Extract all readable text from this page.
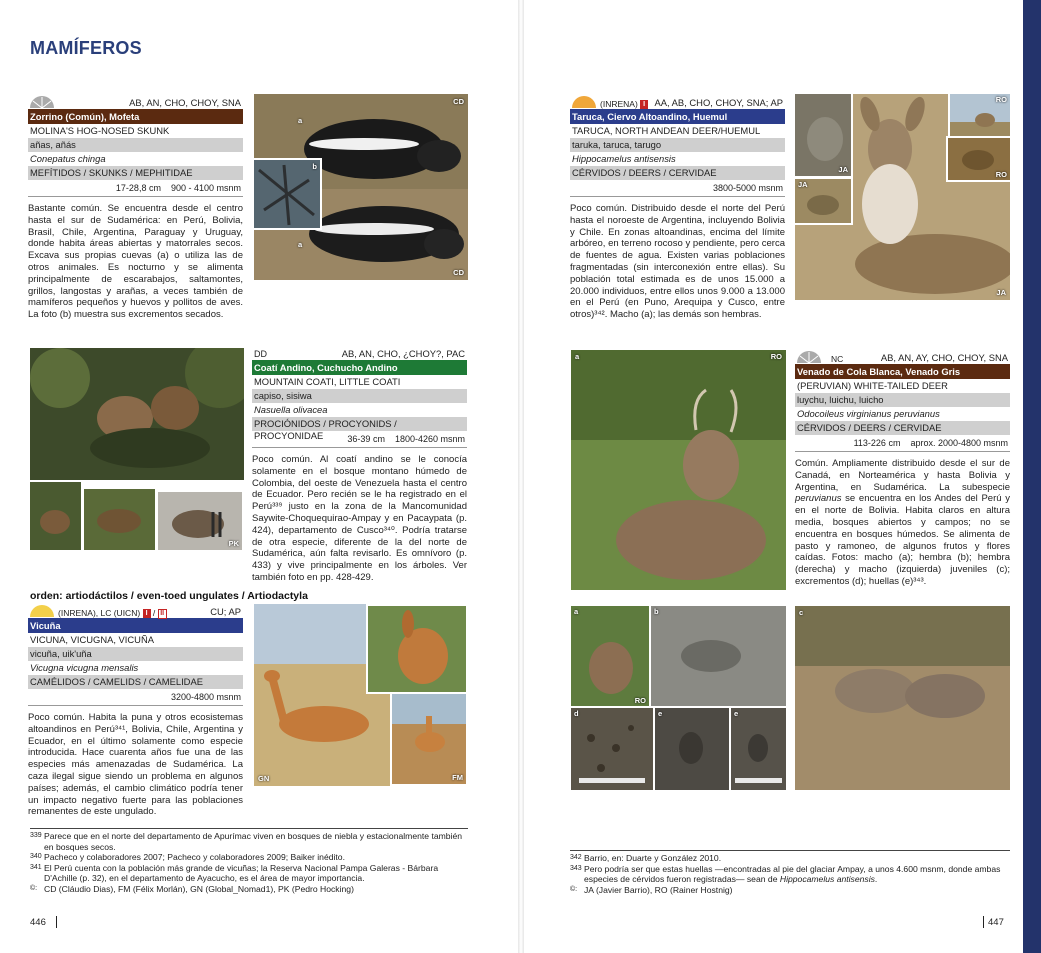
MAMÍFEROS
AB, AN, CHO, CHOY, SNA
Zorrino (Común), Mofeta
MOLINA'S HOG-NOSED SKUNK
añas, añás
Conepatus chinga
MEFÍTIDOS / SKUNKS / MEPHITIDAE
17-28,8 cm 900 - 4100 msnm
Bastante común. Se encuentra desde el centro hasta el sur de Sudamérica: en Perú, Bolivia, Brasil, Chile, Argentina, Paraguay y Uruguay, donde habita áreas abiertas y matorrales secos. Excava sus propias cuevas (a) o utiliza las de otros animales. Es nocturno y se alimenta principalmente de escarabajos, saltamontes, grillos, langostas y arañas, a veces también de mamíferos pequeños y huevos y pollitos de aves. La foto (b) muestra sus excrementos secados.
CD
a
a
CD
b
PK
DD	AB, AN, CHO, ¿CHOY?, PAC
Coatí Andino, Cuchucho Andino
MOUNTAIN COATI, LITTLE COATI
capiso, sisiwa
Nasuella olivacea
PROCIÓNIDOS / PROCYONIDS / PROCYONIDAE	36-39 cm 1800-4260 msnm
Poco común. Al coatí andino se le conocía solamente en el bosque montano húmedo de Colombia, del oeste de Venezuela hasta el centro de Ecuador. Pero recién se le ha registrado en el Perú³³⁹ justo en la zona de la Mancomunidad Saywite-Choquequirao-Ampay y en Pacaypata (p. 424), departamento de Cusco³⁴⁰. Podría tratarse de otra especie, diferente de la del norte de Sudamérica, aún falta revisarlo. Es omnívoro (p. 433) y vive principalmente en los árboles. Ver también foto en pp. 428-429.
orden: artiodáctilos / even-toed ungulates / Artiodactyla
(INRENA), LC (UICN) I / II	CU; AP
Vicuña
VICUNA, VICUGNA, VICUÑA
vicuña, uik'uña
Vicugna vicugna mensalis
CAMÉLIDOS / CAMELIDS / CAMELIDAE
3200-4800 msnm
Poco común. Habita la puna y otros ecosistemas altoandinos en Perú³⁴¹, Bolivia, Chile, Argentina y Ecuador, en el último solamente como especie introducida. Hace cuarenta años fue una de las especies más amenazadas de Sudamérica. La caza ilegal sigue siendo un problema en algunos países; además, el cambio climático podría tener un impacto negativo fuerte para las poblaciones remanentes de este ungulado.
GN	FM
339 Parece que en el norte del departamento de Apurímac viven en bosques de niebla y estacionalmente también en bosques secos.
340 Pacheco y colaboradores 2007; Pacheco y colaboradores 2009; Baiker inédito.
341 El Perú cuenta con la población más grande de vicuñas; la Reserva Nacional Pampa Galeras - Bárbara D'Achille (p. 32), en el departamento de Ayacucho, es el área de mayor importancia.
©: CD (Cláudio Dias), FM (Félix Morlán), GN (Global_Nomad1), PK (Pedro Hocking)
446
(INRENA) I AA, AB, CHO, CHOY, SNA; AP
Taruca, Ciervo Altoandino, Huemul
TARUCA, NORTH ANDEAN DEER/HUEMUL
taruka, taruca, tarugo
Hippocamelus antisensis
CÉRVIDOS / DEERS / CERVIDAE
3800-5000 msnm
Poco común. Distribuido desde el norte del Perú hasta el noroeste de Argentina, incluyendo Bolivia y Chile. En zonas altoandinas, encima del límite arbóreo, en terreno rocoso y pendiente, pero cerca de fuentes de agua. Existen varias poblaciones fragmentadas (sin interconexión entre ellas). Su población total estimada es de unos 15.000 a 20.000 individuos, entre ellos unos 9.000 a 13.000 en el Perú (en Puno, Arequipa y Cusco, entre otros)³⁴². Macho (a); las demás son hembras.
JA
JA
JA
RO
RO
a	RO	NC	AB, AN, AY, CHO, CHOY, SNA
Venado de Cola Blanca, Venado Gris
(PERUVIAN) WHITE-TAILED DEER
luychu, luichu, luicho
Odocoileus virginianus peruvianus
CÉRVIDOS / DEERS / CERVIDAE
113-226 cm aprox. 2000-4800 msnm
Común. Ampliamente distribuido desde el sur de Canadá, en Norteamérica y hasta Bolivia y Argentina, en Sudamérica. La subespecie peruvianus se encuentra en los Andes del Perú y en el norte de Bolivia. Habita claros en altura media, bosques abiertos y campos; no se encuentra en bosques húmedos. Se alimenta de pasto y ramoneo, de algunos frutos y flores caídas. Fotos: macho (a); hembra (b); hembra (derecha) y macho (izquierda) juveniles (c); excrementos (d); huellas (e)³⁴³.
a
RO
b
d	e	e
c
342 Barrio, en: Duarte y González 2010.
343 Pero podría ser que estas huellas —encontradas al pie del glaciar Ampay, a unos 4.600 msnm, donde ambas especies de cérvidos fueron registradas— sean de Hippocamelus antisensis.
©: JA (Javier Barrio), RO (Rainer Hostnig)
447
